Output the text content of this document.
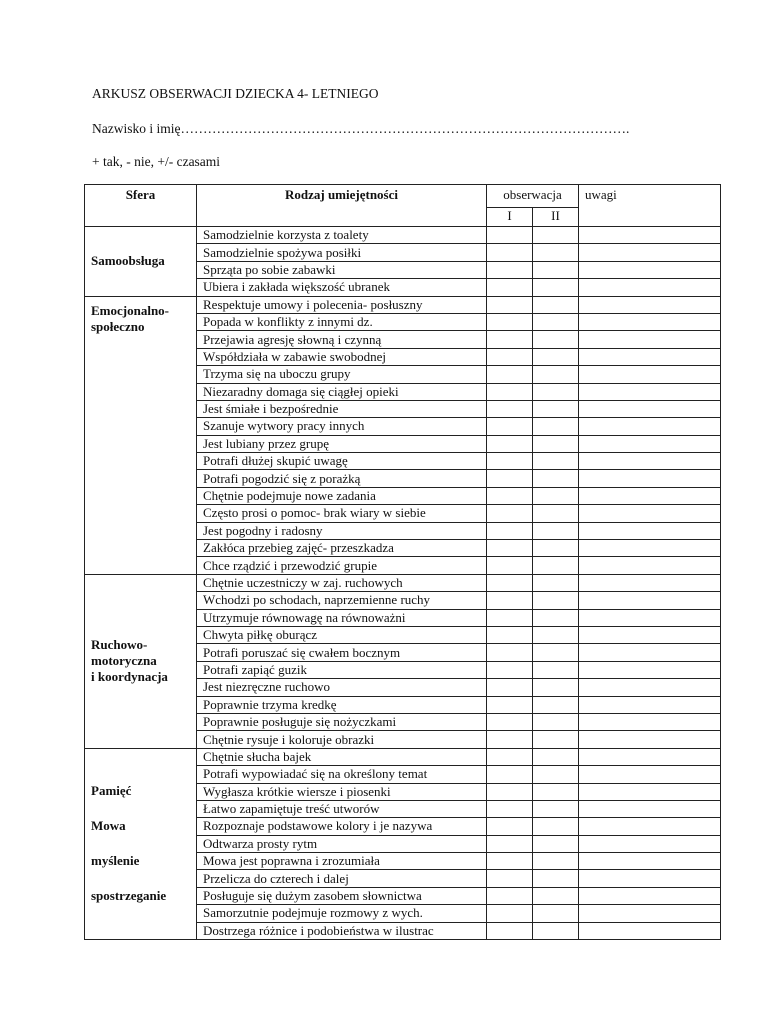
ARKUSZ OBSERWACJI DZIECKA 4- LETNIEGO
Nazwisko i imię……………………………………………………………………………………….
+ tak, - nie, +/- czasami
Sfera	Rodzaj umiejętności	obserwacja		uwagi
		I	II	

Samoobsługa	Samodzielnie korzysta z toalety			
	Samodzielnie spożywa posiłki			
	Sprząta po sobie zabawki			
	Ubiera i zakłada większość ubranek			

Emocjonalno-
społeczno	Respektuje umowy i polecenia- posłuszny			
	Popada w konflikty z innymi dz.			
	Przejawia agresję słowną i czynną			
	Współdziała w zabawie swobodnej			
	Trzyma się na uboczu grupy			
	Niezaradny domaga się ciągłej opieki			
	Jest śmiałe i bezpośrednie			
	Szanuje wytwory pracy innych			
	Jest lubiany przez grupę			
	Potrafi dłużej skupić uwagę			
	Potrafi pogodzić się z porażką			
	Chętnie podejmuje nowe zadania			
	Często prosi o pomoc- brak wiary w siebie			
	Jest pogodny i radosny			
	Zakłóca przebieg zajęć- przeszkadza			
	Chce rządzić i przewodzić grupie			

Ruchowo-
motoryczna
i koordynacja	Chętnie uczestniczy w zaj. ruchowych			
	Wchodzi po schodach, naprzemienne ruchy			
	Utrzymuje równowagę na równoważni			
	Chwyta piłkę oburącz			
	Potrafi poruszać się cwałem bocznym			
	Potrafi zapiąć guzik			
	Jest niezręczne ruchowo			
	Poprawnie trzyma kredkę			
	Poprawnie posługuje się nożyczkami			
	Chętnie rysuje i koloruje obrazki			

Pamięć
Mowa
myślenie
spostrzeganie	Chętnie słucha bajek			
	Potrafi wypowiadać się na określony temat			
	Wygłasza krótkie wiersze i piosenki			
	Łatwo zapamiętuje treść utworów			
	Rozpoznaje podstawowe kolory i je nazywa			
	Odtwarza prosty rytm			
	Mowa jest poprawna i zrozumiała			
	Przelicza do czterech i dalej			
	Posługuje się dużym zasobem słownictwa			
	Samorzutnie podejmuje rozmowy z wych.			
	Dostrzega różnice i podobieństwa w ilustrac			
